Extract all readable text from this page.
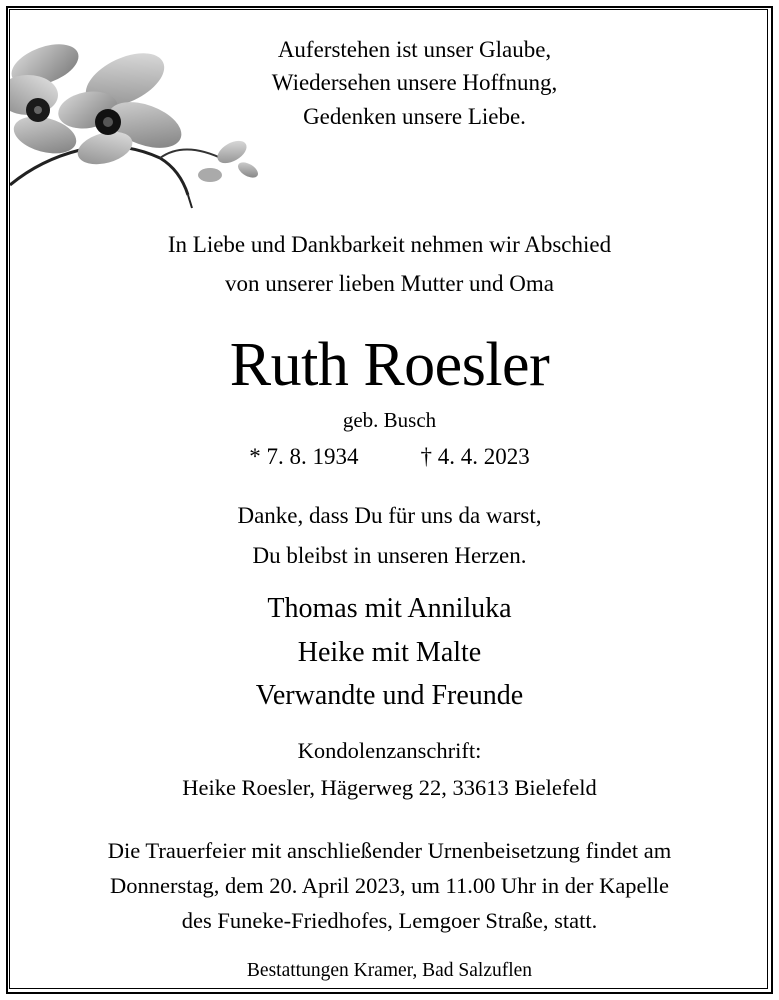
Auferstehen ist unser Glaube,
Wiedersehen unsere Hoffnung,
Gedenken unsere Liebe.
In Liebe und Dankbarkeit nehmen wir Abschied
von unserer lieben Mutter und Oma
Ruth Roesler
geb. Busch
* 7. 8. 1934	† 4. 4. 2023
Danke, dass Du für uns da warst,
Du bleibst in unseren Herzen.
Thomas mit Anniluka
Heike mit Malte
Verwandte und Freunde
Kondolenzanschrift:
Heike Roesler, Hägerweg 22, 33613 Bielefeld
Die Trauerfeier mit anschließender Urnenbeisetzung findet am
Donnerstag, dem 20. April 2023, um 11.00 Uhr in der Kapelle
des Funeke-Friedhofes, Lemgoer Straße, statt.
Bestattungen Kramer, Bad Salzuflen
